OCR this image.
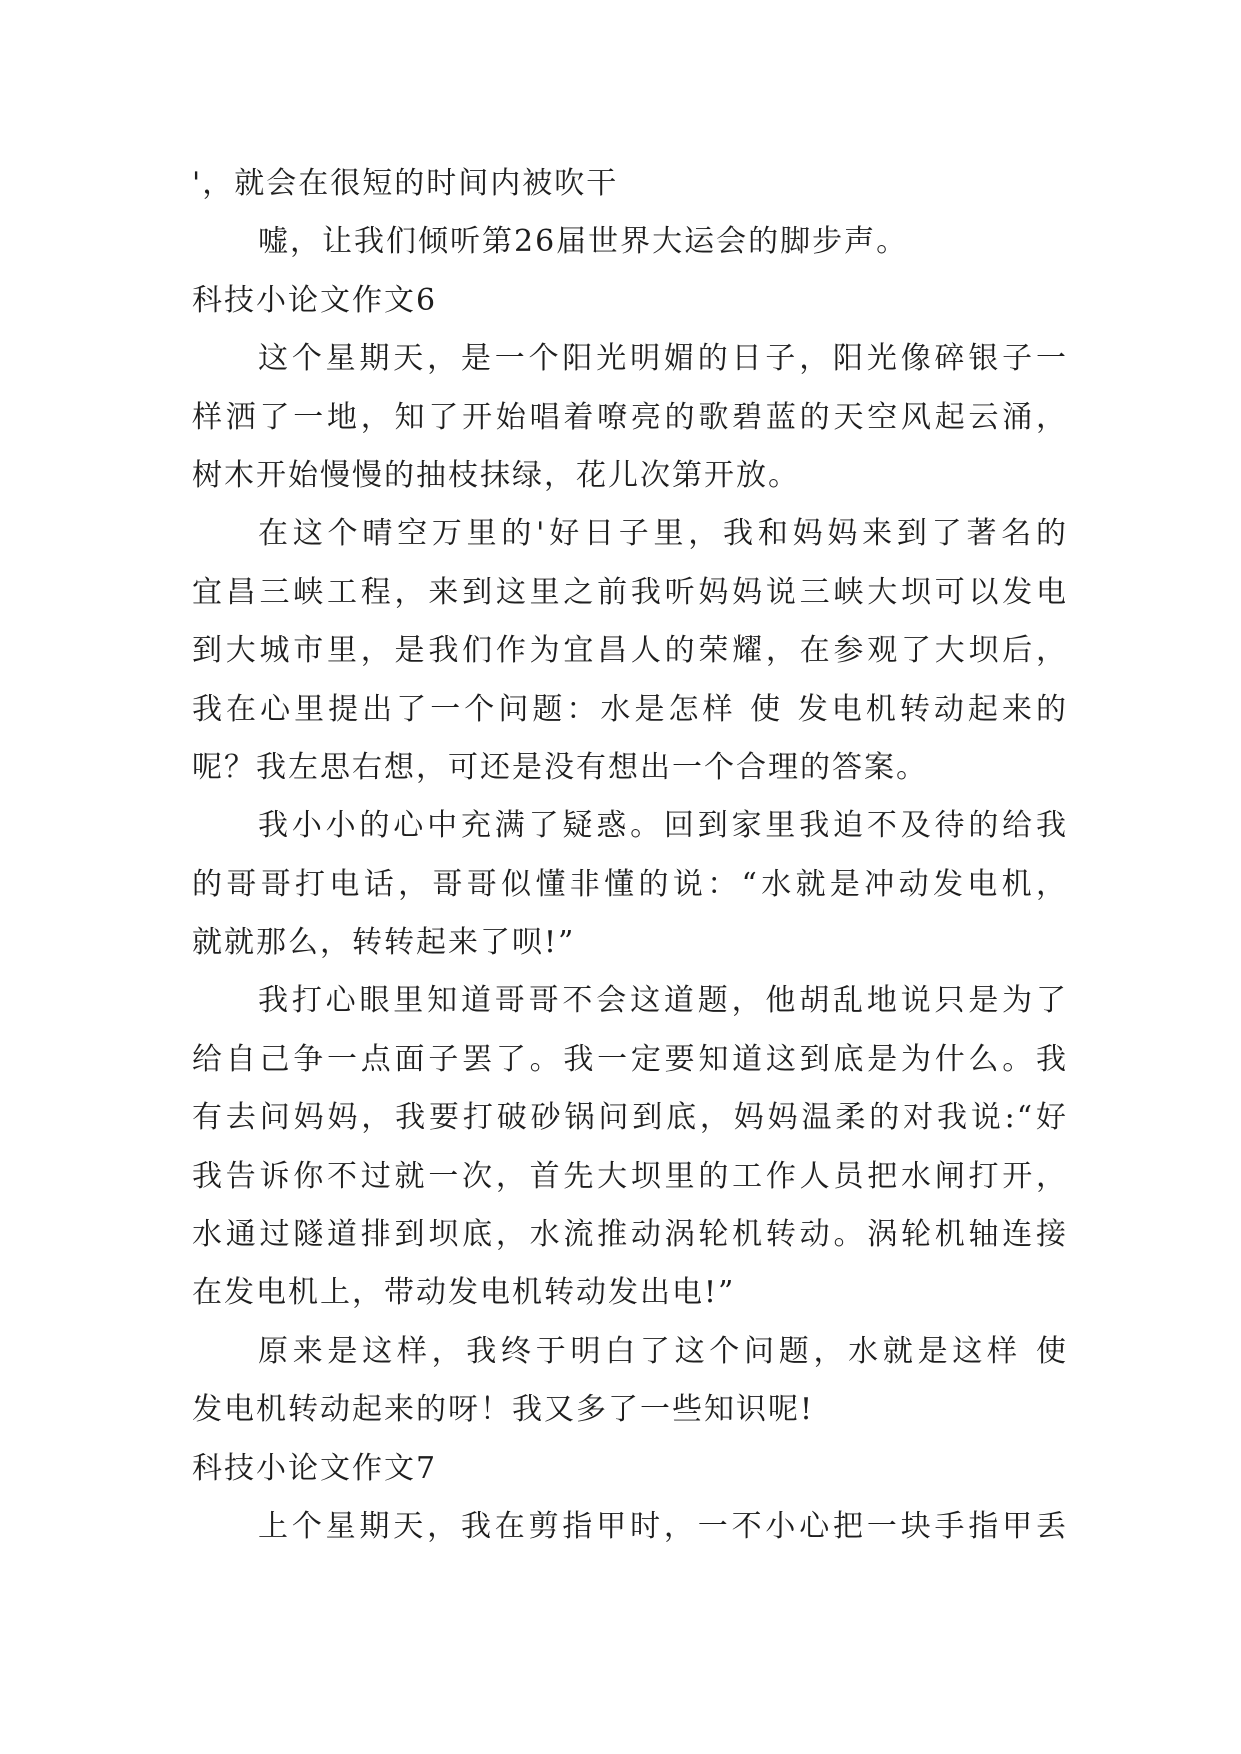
'，就会在很短的时间内被吹干
嘘，让我们倾听第26届世界大运会的脚步声。
科技小论文作文6
这个星期天，是一个阳光明媚的日子，阳光像碎银子一
样洒了一地，知了开始唱着嘹亮的歌碧蓝的天空风起云涌，
树木开始慢慢的抽枝抹绿，花儿次第开放。
在这个晴空万里的'好日子里，我和妈妈来到了著名的
宜昌三峡工程，来到这里之前我听妈妈说三峡大坝可以发电
到大城市里，是我们作为宜昌人的荣耀，在参观了大坝后，
我在心里提出了一个问题：水是怎样 使 发电机转动起来的
呢？我左思右想，可还是没有想出一个合理的答案。
我小小的心中充满了疑惑。回到家里我迫不及待的给我
的哥哥打电话，哥哥似懂非懂的说：“水就是冲动发电机，
就就那么，转转起来了呗!”
我打心眼里知道哥哥不会这道题，他胡乱地说只是为了
给自己争一点面子罢了。我一定要知道这到底是为什么。我
有去问妈妈，我要打破砂锅问到底，妈妈温柔的对我说:“好
我告诉你不过就一次，首先大坝里的工作人员把水闸打开，
水通过隧道排到坝底，水流推动涡轮机转动。涡轮机轴连接
在发电机上，带动发电机转动发出电!”
原来是这样，我终于明白了这个问题，水就是这样 使
发电机转动起来的呀！我又多了一些知识呢!
科技小论文作文7
上个星期天，我在剪指甲时，一不小心把一块手指甲丢
